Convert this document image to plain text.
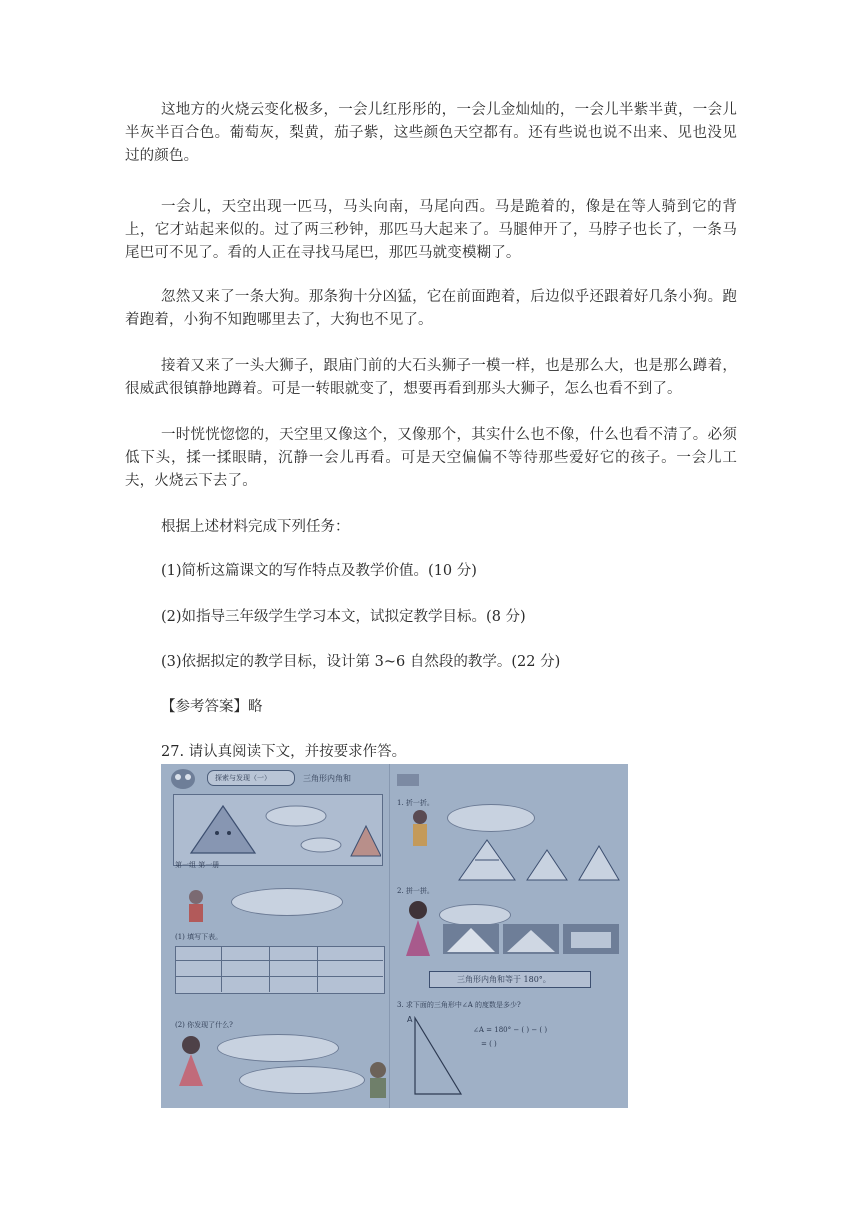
这地方的火烧云变化极多，一会儿红彤彤的，一会儿金灿灿的，一会儿半紫半黄，一会儿半灰半百合色。葡萄灰，梨黄，茄子紫，这些颜色天空都有。还有些说也说不出来、见也没见过的颜色。

一会儿，天空出现一匹马，马头向南，马尾向西。马是跪着的，像是在等人骑到它的背上，它才站起来似的。过了两三秒钟，那匹马大起来了。马腿伸开了，马脖子也长了，一条马尾巴可不见了。看的人正在寻找马尾巴，那匹马就变模糊了。

忽然又来了一条大狗。那条狗十分凶猛，它在前面跑着，后边似乎还跟着好几条小狗。跑着跑着，小狗不知跑哪里去了，大狗也不见了。

接着又来了一头大狮子，跟庙门前的大石头狮子一模一样，也是那么大，也是那么蹲着，很威武很镇静地蹲着。可是一转眼就变了，想要再看到那头大狮子，怎么也看不到了。

一时恍恍惚惚的，天空里又像这个，又像那个，其实什么也不像，什么也看不清了。必须低下头，揉一揉眼睛，沉静一会儿再看。可是天空偏偏不等待那些爱好它的孩子。一会儿工夫，火烧云下去了。

根据上述材料完成下列任务：

(1)简析这篇课文的写作特点及教学价值。(10 分)

(2)如指导三年级学生学习本文，试拟定教学目标。(8 分)

(3)依据拟定的教学目标，设计第 3~6 自然段的教学。(22 分)

【参考答案】略

27. 请认真阅读下文，并按要求作答。

探索与发现（一）	三角形内角和
第一组 第一册
(1) 填写下表。
(2) 你发现了什么?
1. 折一折。
2. 拼一拼。
三角形内角和等于 180°。
3. 求下面的三角形中∠A 的度数是多少?
A
∠A = 180° − ( ) − ( )
= ( )
